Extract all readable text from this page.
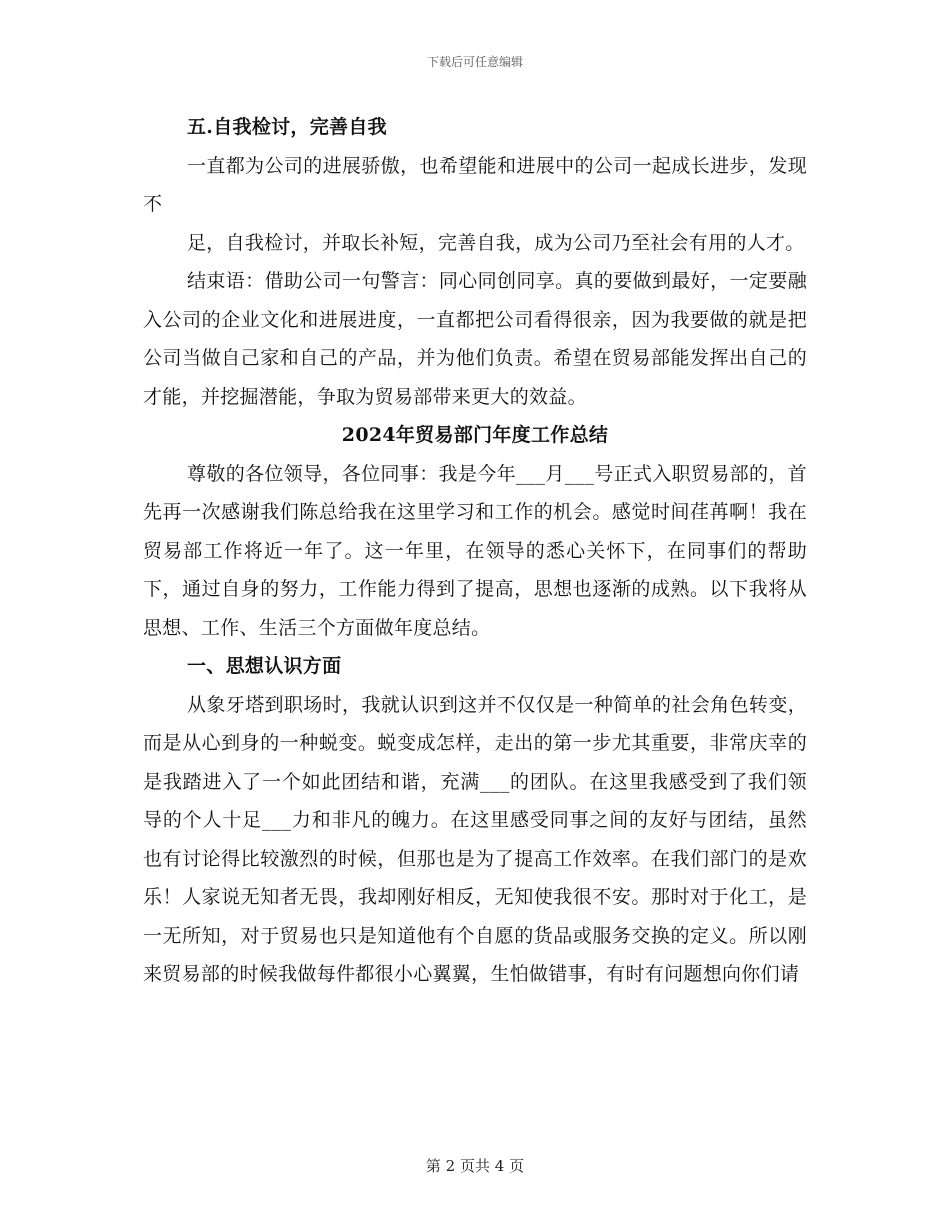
下载后可任意编辑

五.自我检讨，完善自我

一直都为公司的进展骄傲，也希望能和进展中的公司一起成长进步，发现不

足，自我检讨，并取长补短，完善自我，成为公司乃至社会有用的人才。

结束语：借助公司一句警言：同心同创同享。真的要做到最好，一定要融入公司的企业文化和进展进度，一直都把公司看得很亲，因为我要做的就是把公司当做自己家和自己的产品，并为他们负责。希望在贸易部能发挥出自己的才能，并挖掘潜能，争取为贸易部带来更大的效益。

2024年贸易部门年度工作总结

尊敬的各位领导，各位同事：我是今年___月___号正式入职贸易部的，首先再一次感谢我们陈总给我在这里学习和工作的机会。感觉时间荏苒啊！我在贸易部工作将近一年了。这一年里，在领导的悉心关怀下，在同事们的帮助下，通过自身的努力，工作能力得到了提高，思想也逐渐的成熟。以下我将从思想、工作、生活三个方面做年度总结。

一、思想认识方面

从象牙塔到职场时，我就认识到这并不仅仅是一种简单的社会角色转变，而是从心到身的一种蜕变。蜕变成怎样，走出的第一步尤其重要，非常庆幸的是我踏进入了一个如此团结和谐，充满___的团队。在这里我感受到了我们领导的个人十足___力和非凡的魄力。在这里感受同事之间的友好与团结，虽然也有讨论得比较激烈的时候，但那也是为了提高工作效率。在我们部门的是欢乐！人家说无知者无畏，我却刚好相反，无知使我很不安。那时对于化工，是一无所知，对于贸易也只是知道他有个自愿的货品或服务交换的定义。所以刚来贸易部的时候我做每件都很小心翼翼，生怕做错事，有时有问题想向你们请

第 2 页共 4 页
